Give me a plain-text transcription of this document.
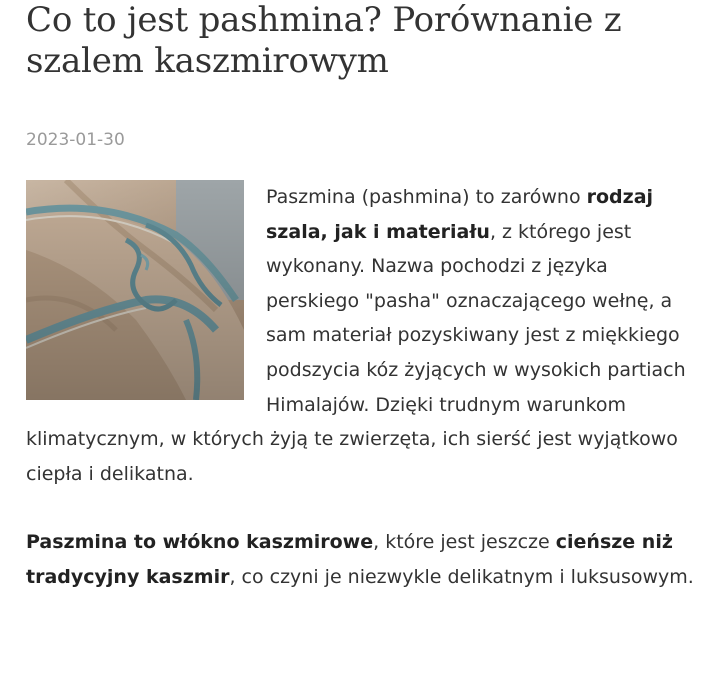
Co to jest pashmina? Porównanie z szalem kaszmirowym
2023-01-30

Paszmina (pashmina) to zarówno rodzaj szala, jak i materiału, z którego jest wykonany. Nazwa pochodzi z języka perskiego "pasha" oznaczającego wełnę, a sam materiał pozyskiwany jest z miękkiego podszycia kóz żyjących w wysokich partiach Himalajów. Dzięki trudnym warunkom klimatycznym, w których żyją te zwierzęta, ich sierść jest wyjątkowo ciepła i delikatna.

Paszmina to włókno kaszmirowe, które jest jeszcze cieńsze niż tradycyjny kaszmir, co czyni je niezwykle delikatnym i luksusowym.
